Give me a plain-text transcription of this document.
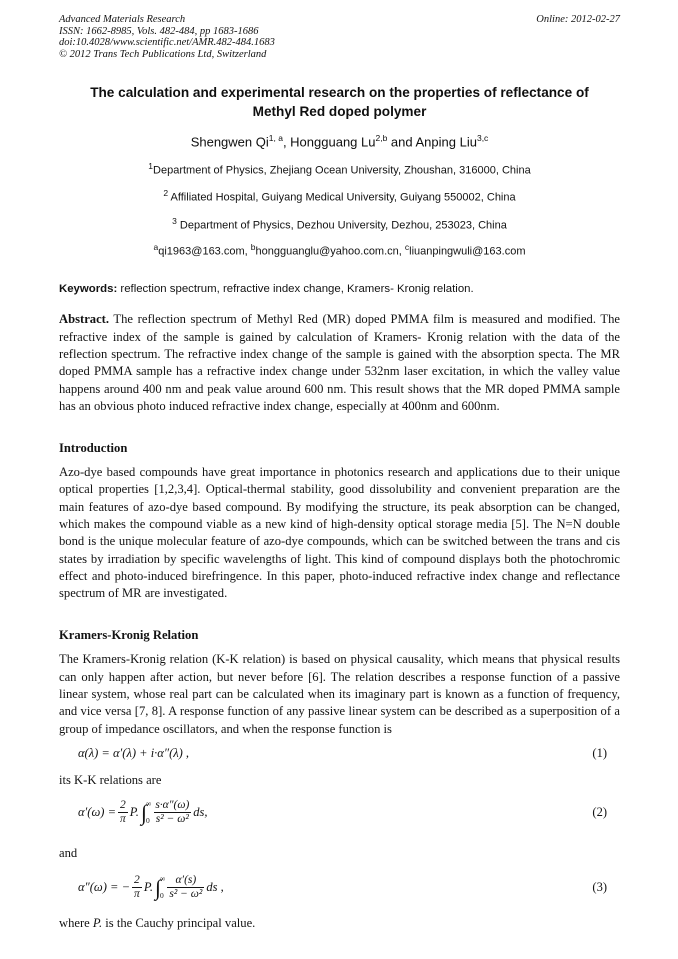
Advanced Materials Research
ISSN: 1662-8985, Vols. 482-484, pp 1683-1686
doi:10.4028/www.scientific.net/AMR.482-484.1683
© 2012 Trans Tech Publications Ltd, Switzerland
Online: 2012-02-27
The calculation and experimental research on the properties of reflectance of Methyl Red doped polymer
Shengwen Qi$^{1, a}$, Hongguang Lu$^{2,b}$ and Anping Liu$^{3,c}$
$^1$Department of Physics, Zhejiang Ocean University, Zhoushan, 316000, China
$^2$ Affiliated Hospital, Guiyang Medical University, Guiyang 550002, China
$^3$ Department of Physics, Dezhou University, Dezhou, 253023, China
$^a$qi1963@163.com, $^b$hongguanglu@yahoo.com.cn, $^c$liuanpingwuli@163.com
Keywords: reflection spectrum, refractive index change, Kramers- Kronig relation.
Abstract. The reflection spectrum of Methyl Red (MR) doped PMMA film is measured and modified. The refractive index of the sample is gained by calculation of Kramers- Kronig relation with the data of the reflection spectrum. The refractive index change of the sample is gained with the absorption specta. The MR doped PMMA sample has a refractive index change under 532nm laser excitation, in which the valley value happens around 400 nm and peak value around 600 nm. This result shows that the MR doped PMMA sample has an obvious photo induced refractive index change, especially at 400nm and 600nm.
Introduction
Azo-dye based compounds have great importance in photonics research and applications due to their unique optical properties [1,2,3,4]. Optical-thermal stability, good dissolubility and convenient preparation are the main features of azo-dye based compound. By modifying the structure, its peak absorption can be changed, which makes the compound viable as a new kind of high-density optical storage media [5]. The N=N double bond is the unique molecular feature of azo-dye compounds, which can be switched between the trans and cis states by irradiation by specific wavelengths of light. This kind of compound displays both the photochromic effect and photo-induced birefringence. In this paper, photo-induced refractive index change and reflectance spectrum of MR are investigated.
Kramers-Kronig Relation
The Kramers-Kronig relation (K-K relation) is based on physical causality, which means that physical results can only happen after action, but never before [6]. The relation describes a response function of a passive linear system, whose real part can be calculated when its imaginary part is known as a function of frequency, and vice versa [7, 8]. A response function of any passive linear system can be described as a superposition of a group of impedance oscillators, and when the response function is
α(λ) = α′(λ) + i·α″(λ) ,	(1)
its K-K relations are
$\alpha'(\omega) = \frac{2}{\pi} P$. ∫ ∞
$0 \frac{s\cdot\alpha''(\omega)}{\text{s² − ω²}}$ ds,	(2)
and
α″(ω) = − $\frac{2}{\pi} P$. ∫ ∞
$0 \frac{\alpha'(s)}{\text{s² − ω²}}$ ds ,	(3)
where P. is the Cauchy principal value.
